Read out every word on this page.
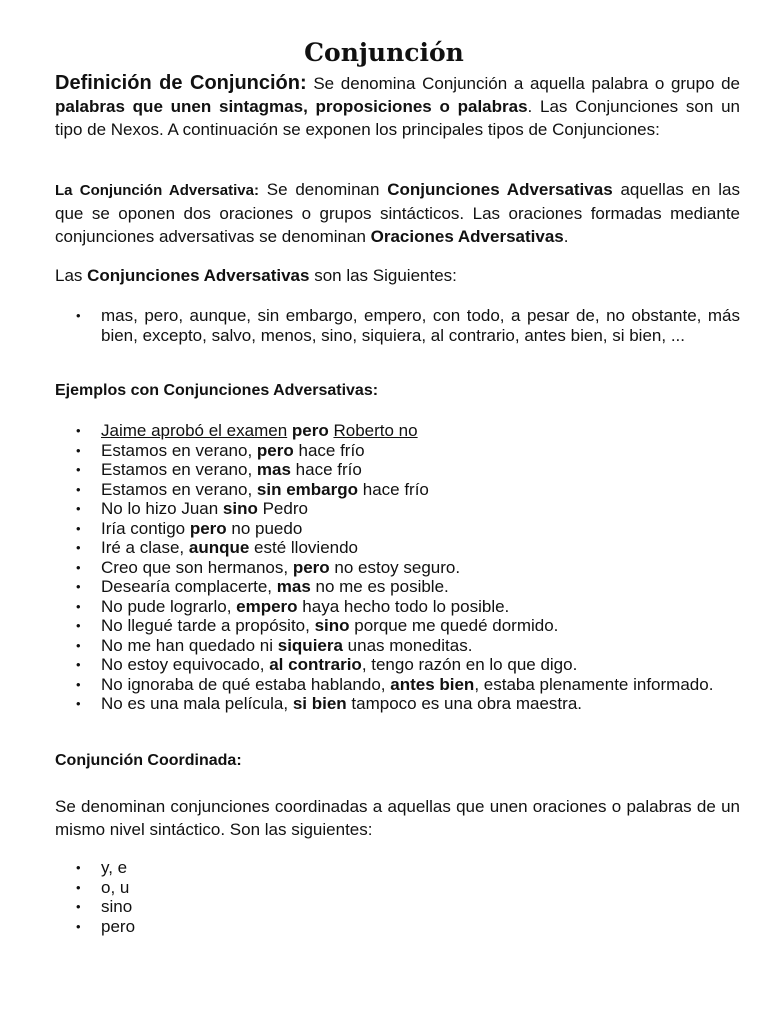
Conjunción

Definición de Conjunción: Se denomina Conjunción a aquella palabra o grupo de palabras que unen sintagmas, proposiciones o palabras. Las Conjunciones son un tipo de Nexos. A continuación se exponen los principales tipos de Conjunciones:

La Conjunción Adversativa: Se denominan Conjunciones Adversativas aquellas en las que se oponen dos oraciones o grupos sintácticos. Las oraciones formadas mediante conjunciones adversativas se denominan Oraciones Adversativas.

Las Conjunciones Adversativas son las Siguientes:

• mas, pero, aunque, sin embargo, empero, con todo, a pesar de, no obstante, más bien, excepto, salvo, menos, sino, siquiera, al contrario, antes bien, si bien, ...

Ejemplos con Conjunciones Adversativas:

• Jaime aprobó el examen pero Roberto no
• Estamos en verano, pero hace frío
• Estamos en verano, mas hace frío
• Estamos en verano, sin embargo hace frío
• No lo hizo Juan sino Pedro
• Iría contigo pero no puedo
• Iré a clase, aunque esté lloviendo
• Creo que son hermanos, pero no estoy seguro.
• Desearía complacerte, mas no me es posible.
• No pude lograrlo, empero haya hecho todo lo posible.
• No llegué tarde a propósito, sino porque me quedé dormido.
• No me han quedado ni siquiera unas moneditas.
• No estoy equivocado, al contrario, tengo razón en lo que digo.
• No ignoraba de qué estaba hablando, antes bien, estaba plenamente informado.
• No es una mala película, si bien tampoco es una obra maestra.

Conjunción Coordinada:

Se denominan conjunciones coordinadas a aquellas que unen oraciones o palabras de un mismo nivel sintáctico. Son las siguientes:

• y, e
• o, u
• sino
• pero
